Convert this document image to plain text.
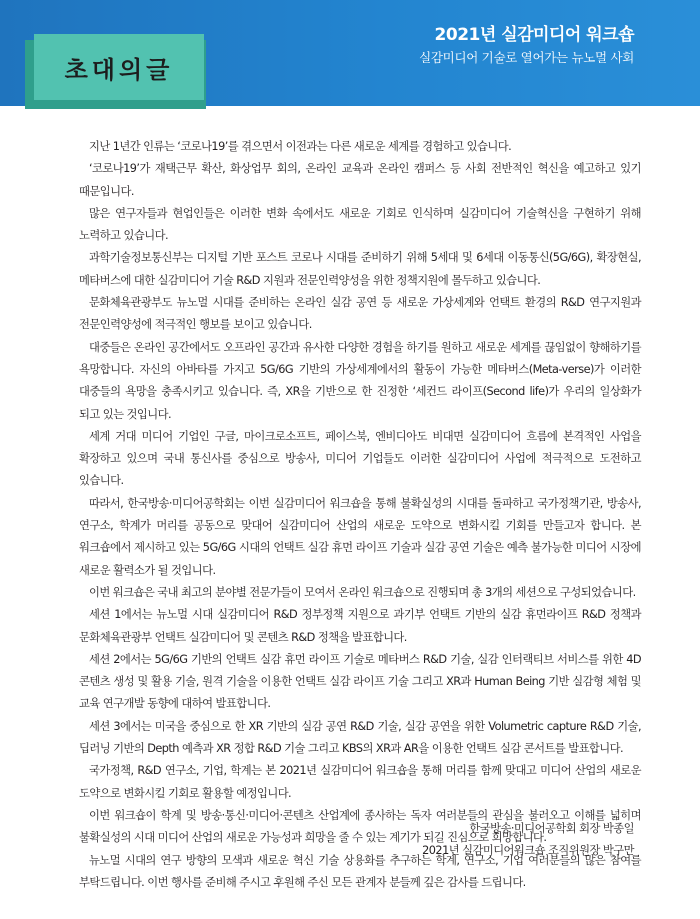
2021년 실감미디어 워크숍
실감미디어 기술로 열어가는 뉴노멀 사회
초대의글

지난 1년간 인류는 ‘코로나19’를 겪으면서 이전과는 다른 새로운 세계를 경험하고 있습니다.

‘코로나19’가 재택근무 확산, 화상업무 회의, 온라인 교육과 온라인 캠퍼스 등 사회 전반적인 혁신을 예고하고 있기 때문입니다.

많은 연구자들과 현업인들은 이러한 변화 속에서도 새로운 기회로 인식하며 실감미디어 기술혁신을 구현하기 위해 노력하고 있습니다.

과학기술정보통신부는 디지털 기반 포스트 코로나 시대를 준비하기 위해 5세대 및 6세대 이동통신(5G/6G), 확장현실, 메타버스에 대한 실감미디어 기술 R&D 지원과 전문인력양성을 위한 정책지원에 몰두하고 있습니다.

문화체육관광부도 뉴노멀 시대를 준비하는 온라인 실감 공연 등 새로운 가상세계와 언택트 환경의 R&D 연구지원과 전문인력양성에 적극적인 행보를 보이고 있습니다.

대중들은 온라인 공간에서도 오프라인 공간과 유사한 다양한 경험을 하기를 원하고 새로운 세계를 끊임없이 향해하기를 욕망합니다. 자신의 아바타를 가지고 5G/6G 기반의 가상세계에서의 활동이 가능한 메타버스(Meta-verse)가 이러한 대중들의 욕망을 충족시키고 있습니다. 즉, XR을 기반으로 한 진정한 ‘세컨드 라이프(Second life)가 우리의 일상화가 되고 있는 것입니다.

세계 거대 미디어 기업인 구글, 마이크로소프트, 페이스북, 엔비디아도 비대면 실감미디어 흐름에 본격적인 사업을 확장하고 있으며 국내 통신사를 중심으로 방송사, 미디어 기업들도 이러한 실감미디어 사업에 적극적으로 도전하고 있습니다.

따라서, 한국방송·미디어공학회는 이번 실감미디어 워크숍을 통해 불확실성의 시대를 돌파하고 국가정책기관, 방송사, 연구소, 학계가 머리를 공동으로 맞대어 실감미디어 산업의 새로운 도약으로 변화시킬 기회를 만들고자 합니다. 본 워크숍에서 제시하고 있는 5G/6G 시대의 언택트 실감 휴먼 라이프 기술과 실감 공연 기술은 예측 불가능한 미디어 시장에 새로운 활력소가 될 것입니다.

이번 워크숍은 국내 최고의 분야별 전문가들이 모여서 온라인 워크숍으로 진행되며 총 3개의 세션으로 구성되었습니다.

세션 1에서는 뉴노멀 시대 실감미디어 R&D 정부정책 지원으로 과기부 언택트 기반의 실감 휴먼라이프 R&D 정책과 문화체육관광부 언택트 실감미디어 및 콘텐츠 R&D 정책을 발표합니다.

세션 2에서는 5G/6G 기반의 언택트 실감 휴먼 라이프 기술로 메타버스 R&D 기술, 실감 인터랙티브 서비스를 위한 4D 콘텐츠 생성 및 활용 기술, 원격 기술을 이용한 언택트 실감 라이프 기술 그리고 XR과 Human Being 기반 실감형 체험 및 교육 연구개발 동향에 대하여 발표합니다.

세션 3에서는 미국을 중심으로 한 XR 기반의 실감 공연 R&D 기술, 실감 공연을 위한 Volumetric capture R&D 기술, 딥러닝 기반의 Depth 예측과 XR 정합 R&D 기술 그리고 KBS의 XR과 AR을 이용한 언택트 실감 콘서트를 발표합니다.

국가정책, R&D 연구소, 기업, 학계는 본 2021년 실감미디어 워크숍을 통해 머리를 함께 맞대고 미디어 산업의 새로운 도약으로 변화시킬 기회로 활용할 예정입니다.

이번 워크숍이 학계 및 방송·통신·미디어·콘텐츠 산업계에 종사하는 독자 여러분들의 관심을 불러오고 이해를 넓히며 불확실성의 시대 미디어 산업의 새로운 가능성과 희망을 줄 수 있는 계기가 되길 진심으로 희망합니다.

뉴노멀 시대의 연구 방향의 모색과 새로운 혁신 기술 상용화를 추구하는 학계, 연구소, 기업 여러분들의 많은 참여를 부탁드립니다. 이번 행사를 준비해 주시고 후원해 주신 모든 관계자 분들께 깊은 감사를 드립니다.

한국방송·미디어공학회 회장 박종일
2021년 실감미디어워크숍 조직위원장 박구만
